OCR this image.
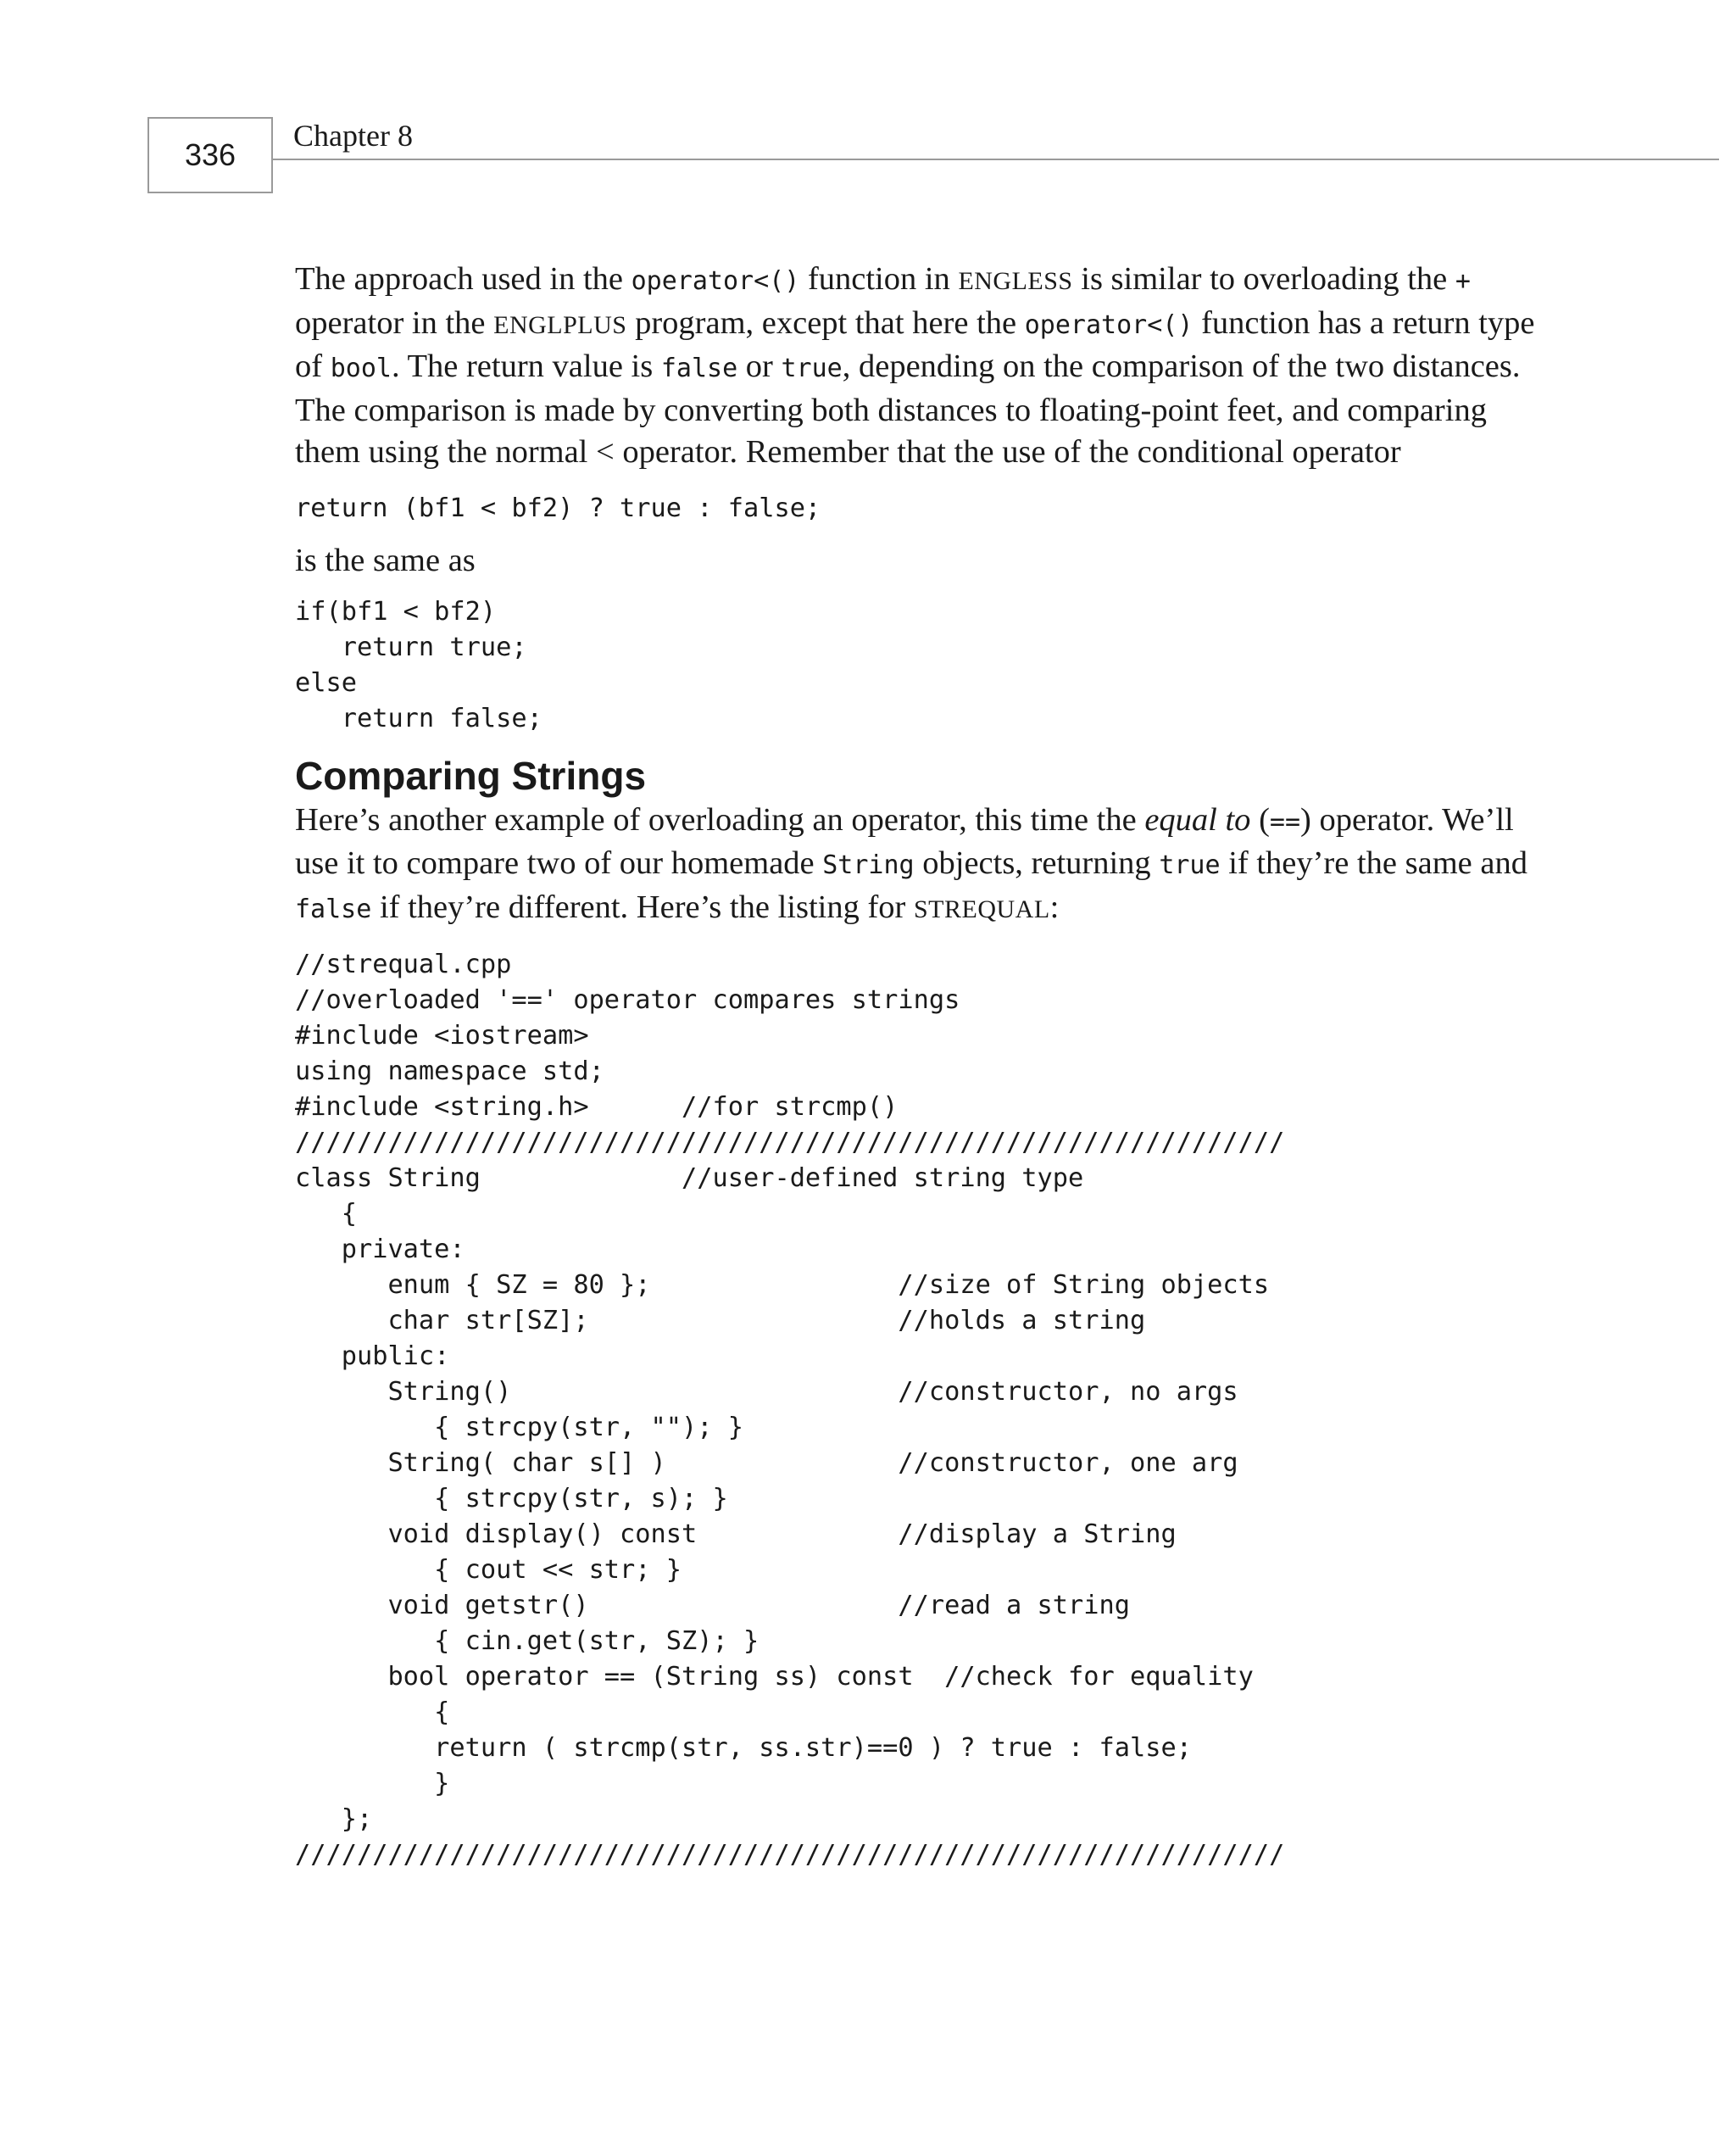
336
Chapter 8

The approach used in the operator<() function in ENGLESS is similar to overloading the +

operator in the ENGLPLUS program, except that here the operator<() function has a return type

of bool. The return value is false or true, depending on the comparison of the two distances.

The comparison is made by converting both distances to floating-point feet, and comparing

them using the normal < operator. Remember that the use of the conditional operator

return (bf1 < bf2) ? true : false;

is the same as

if(bf1 < bf2)
return true;
else
return false;
Comparing Strings

Here’s another example of overloading an operator, this time the equal to (==) operator. We’ll

use it to compare two of our homemade String objects, returning true if they’re the same and

false if they’re different. Here’s the listing for STREQUAL:

//strequal.cpp
//overloaded '==' operator compares strings
#include <iostream>
using namespace std;
#include <string.h>      //for strcmp()
////////////////////////////////////////////////////////////////
class String             //user-defined string type
{
private:
enum { SZ = 80 };                //size of String objects
char str[SZ];                    //holds a string
public:
String()                         //constructor, no args
{ strcpy(str, ""); }
String( char s[] )               //constructor, one arg
{ strcpy(str, s); }
void display() const             //display a String
{ cout << str; }
void getstr()                    //read a string
{ cin.get(str, SZ); }
bool operator == (String ss) const  //check for equality
{
return ( strcmp(str, ss.str)==0 ) ? true : false;
}
};
////////////////////////////////////////////////////////////////
